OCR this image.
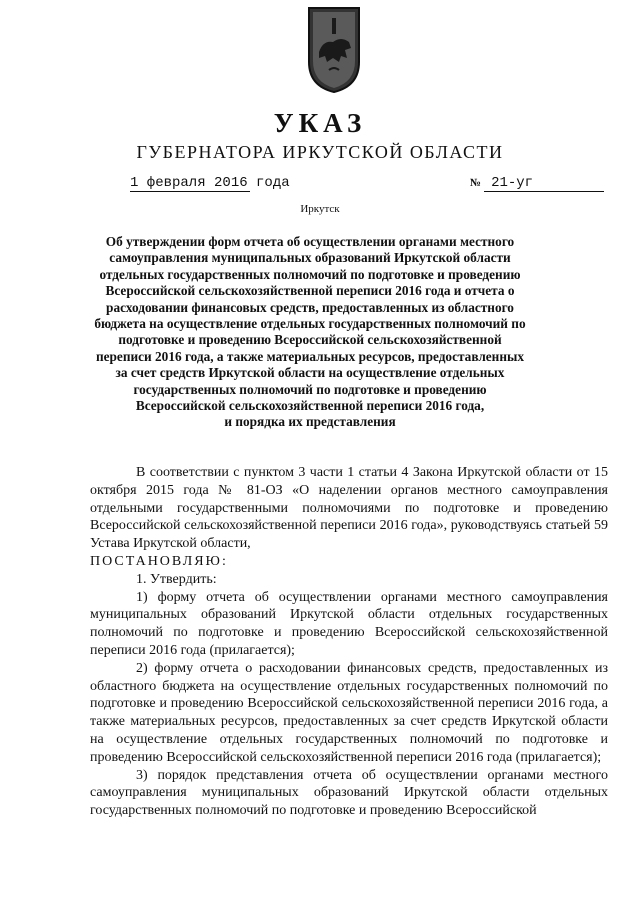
УКАЗ
ГУБЕРНАТОРА ИРКУТСКОЙ ОБЛАСТИ
1 февраля 2016 года	№ 21-уг
Иркутск
Об утверждении форм отчета об осуществлении органами местного
самоуправления муниципальных образований Иркутской области
отдельных государственных полномочий по подготовке и проведению
Всероссийской сельскохозяйственной переписи 2016 года и отчета о
расходовании финансовых средств, предоставленных из областного
бюджета на осуществление отдельных государственных полномочий по
подготовке и проведению Всероссийской сельскохозяйственной
переписи 2016 года, а также материальных ресурсов, предоставленных
за счет средств Иркутской области на осуществление отдельных
государственных полномочий по подготовке и проведению
Всероссийской сельскохозяйственной переписи 2016 года,
и порядка их представления

В соответствии с пунктом 3 части 1 статьи 4 Закона Иркутской области от 15 октября 2015 года № 81-ОЗ «О наделении органов местного самоуправления отдельными государственными полномочиями по подготовке и проведению Всероссийской сельскохозяйственной переписи 2016 года», руководствуясь статьей 59 Устава Иркутской области,

ПОСТАНОВЛЯЮ:

1. Утвердить:

1) форму отчета об осуществлении органами местного самоуправления муниципальных образований Иркутской области отдельных государственных полномочий по подготовке и проведению Всероссийской сельскохозяйственной переписи 2016 года (прилагается);

2) форму отчета о расходовании финансовых средств, предоставленных из областного бюджета на осуществление отдельных государственных полномочий по подготовке и проведению Всероссийской сельскохозяйственной переписи 2016 года, а также материальных ресурсов, предоставленных за счет средств Иркутской области на осуществление отдельных государственных полномочий по подготовке и проведению Всероссийской сельскохозяйственной переписи 2016 года (прилагается);

3) порядок представления отчета об осуществлении органами местного самоуправления муниципальных образований Иркутской области отдельных государственных полномочий по подготовке и проведению Всероссийской
